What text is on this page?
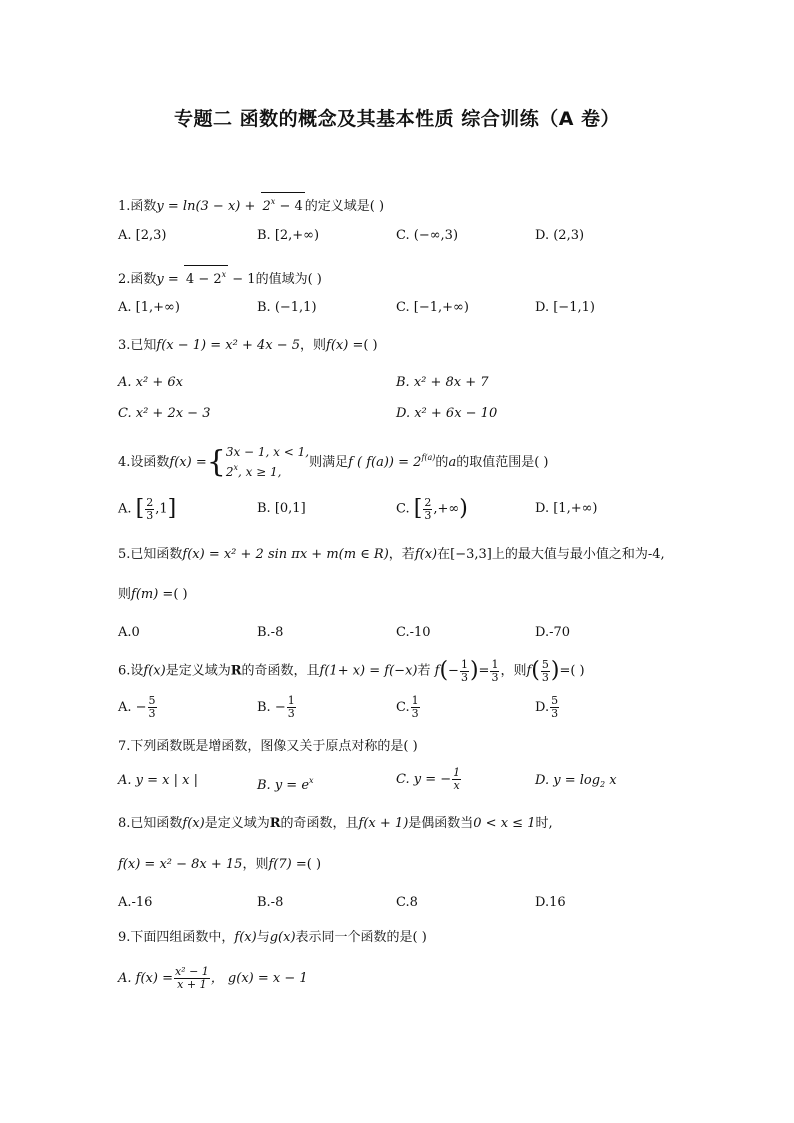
专题二 函数的概念及其基本性质 综合训练（A 卷）
1.函数$y = \ln(3 - x) + 2^x - 4$ 的定义域是( )
A. [2,3)	B. [2,+∞)	C. (−∞,3)	D. (2,3)
2.函数$y = 4 - 2^x - 1$的值域为( )
A. [1,+∞)	B. (−1,1)	C. [−1,+∞)	D. [−1,1)
3.已知f(x − 1) = x² + 4x − 5，则f(x) =( )
A. x² + 6x	B. x² + 8x + 7
C. x² + 2x − 3	D. x² + 6x − 10
4.设函数f(x) ={ 3x − 1, x < 1,
2$^x$, x ≥ 1,
则满足f ( $f(a)) = 2^{f(a)}$的a的取值范围是( )
A. [ $\frac{2}{3} ,1$]	B. [0,1]	C. [ $\frac{2}{3}$ ,+∞)	D. [1,+∞)
5.已知函数f(x) = x² + 2 sin πx + m(m ∈ R)，若f(x)在[−3,3]上的最大值与最小值之和为-4,
则f(m) =( )
A.0	B.-8	C.-10	D.-70
6.设f(x)是定义域为R的奇函数，且f(1+ x) = f(−x)若 $f(- \frac{1}{3}$ )= $\frac{1}{3}$ ，则$f( \frac{5}{3}$ )=( )
A. − $\frac{5}{3}$	B. − $\frac{1}{3}$	C. $\frac{1}{3}$	D. $\frac{5}{3}$
7.下列函数既是增函数，图像又关于原点对称的是( )
A. y = x | x |	B. $y = e^x$	C. y = − $\frac{1}{x}$	D. $y = \log_2 x$
8.已知函数f(x)是定义域为R的奇函数，且f(x + 1)是偶函数当0 < x ≤ 1时,
f(x) = x² − 8x + 15，则f(7) =( )
A.-16	B.-8	C.8	D.16
9.下面四组函数中，f(x)与g(x)表示同一个函数的是( )
A. $f(x) = \frac{\text{x² − 1}}{x + 1}$ ， g(x) = x − 1
